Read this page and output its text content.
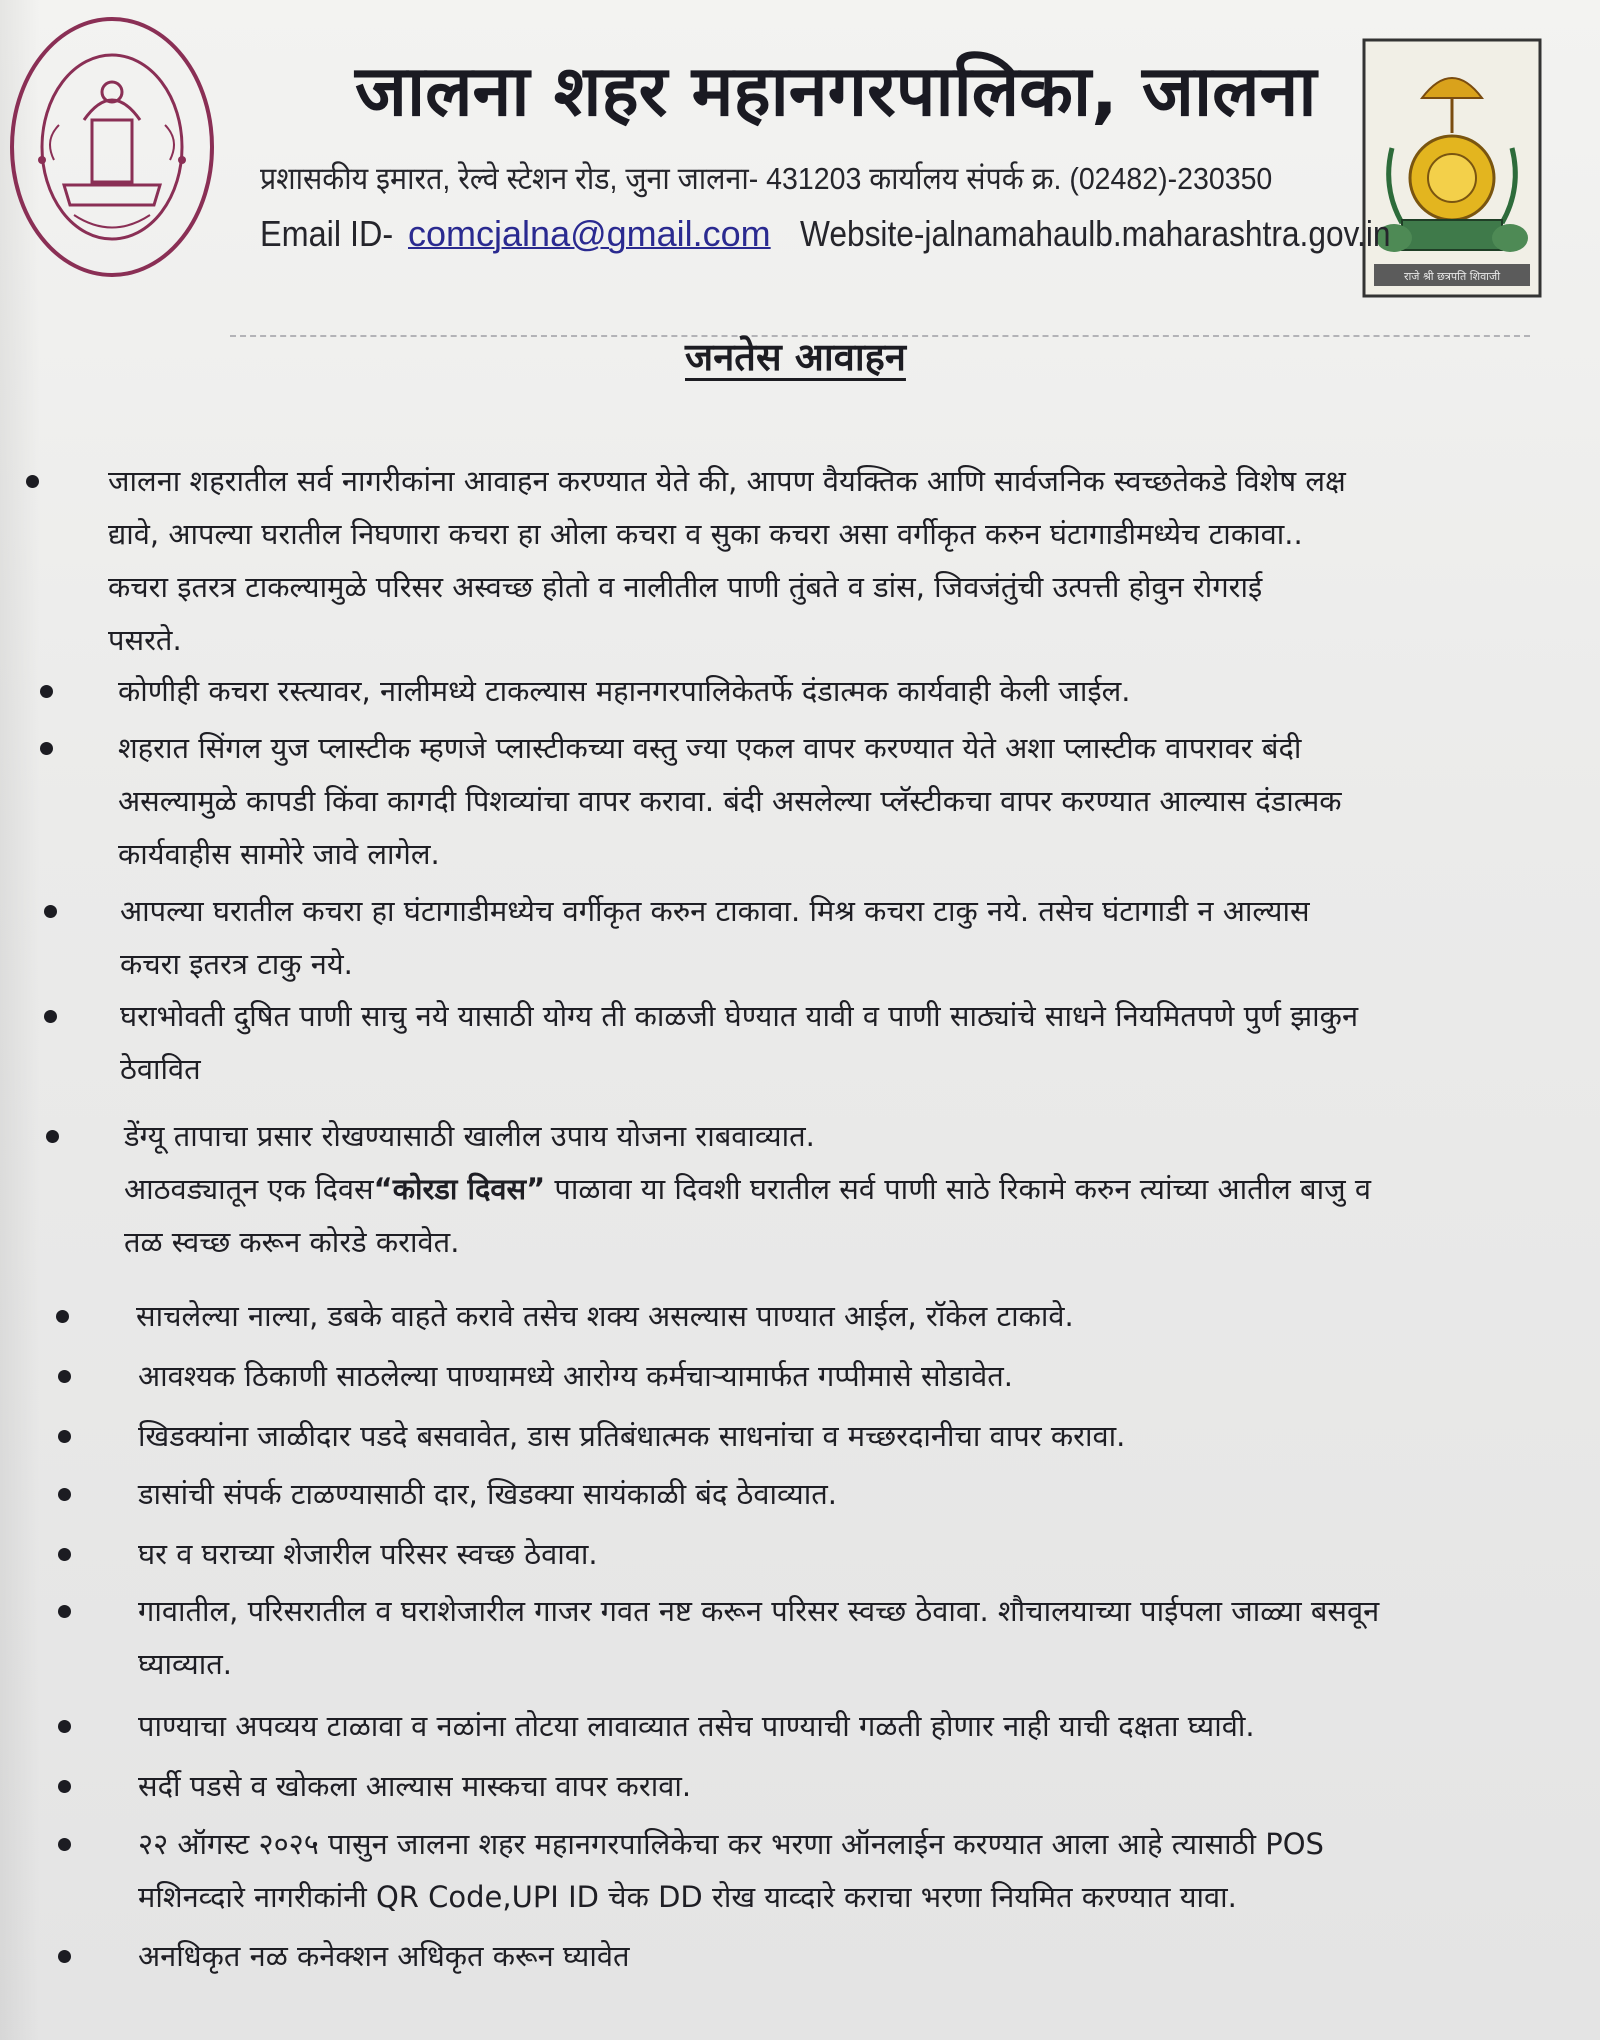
राजे श्री छत्रपति शिवाजी
जालना शहर महानगरपालिका, जालना
प्रशासकीय इमारत, रेल्वे स्टेशन रोड, जुना जालना- 431203 कार्यालय संपर्क क्र. (02482)-230350
Email ID-comcjalna@gmail.com Website-jalnamahaulb.maharashtra.gov.in
जनतेस आवाहन
जालना शहरातील सर्व नागरीकांना आवाहन करण्यात येते की, आपण वैयक्तिक आणि सार्वजनिक स्वच्छतेकडे विशेष लक्ष
द्यावे, आपल्या घरातील निघणारा कचरा हा ओला कचरा व सुका कचरा असा वर्गीकृत करुन घंटागाडीमध्येच टाकावा..
कचरा इतरत्र टाकल्यामुळे परिसर अस्वच्छ होतो व नालीतील पाणी तुंबते व डांस, जिवजंतुंची उत्पत्ती होवुन रोगराई
पसरते.
कोणीही कचरा रस्त्यावर, नालीमध्ये टाकल्यास महानगरपालिकेतर्फे दंडात्मक कार्यवाही केली जाईल.
शहरात सिंगल युज प्लास्टीक म्हणजे प्लास्टीकच्या वस्तु ज्या एकल वापर करण्यात येते अशा प्लास्टीक वापरावर बंदी
असल्यामुळे कापडी किंवा कागदी पिशव्यांचा वापर करावा. बंदी असलेल्या प्लॅस्टीकचा वापर करण्यात आल्यास दंडात्मक
कार्यवाहीस सामोरे जावे लागेल.
आपल्या घरातील कचरा हा घंटागाडीमध्येच वर्गीकृत करुन टाकावा. मिश्र कचरा टाकु नये. तसेच घंटागाडी न आल्यास
कचरा इतरत्र टाकु नये.
घराभोवती दुषित पाणी साचु नये यासाठी योग्य ती काळजी घेण्यात यावी व पाणी साठ्यांचे साधने नियमितपणे पुर्ण झाकुन
ठेवावित
डेंग्यू तापाचा प्रसार रोखण्यासाठी खालील उपाय योजना राबवाव्यात.
आठवड्यातून एक दिवस“कोरडा दिवस” पाळावा या दिवशी घरातील सर्व पाणी साठे रिकामे करुन त्यांच्या आतील बाजु व
तळ स्वच्छ करून कोरडे करावेत.
साचलेल्या नाल्या, डबके वाहते करावे तसेच शक्य असल्यास पाण्यात आईल, रॉकेल टाकावे.
आवश्यक ठिकाणी साठलेल्या पाण्यामध्ये आरोग्य कर्मचाऱ्यामार्फत गप्पीमासे सोडावेत.
खिडक्यांना जाळीदार पडदे बसवावेत, डास प्रतिबंधात्मक साधनांचा व मच्छरदानीचा वापर करावा.
डासांची संपर्क टाळण्यासाठी दार, खिडक्या सायंकाळी बंद ठेवाव्यात.
घर व घराच्या शेजारील परिसर स्वच्छ ठेवावा.
गावातील, परिसरातील व घराशेजारील गाजर गवत नष्ट करून परिसर स्वच्छ ठेवावा. शौचालयाच्या पाईपला जाळ्या बसवून
घ्याव्यात.
पाण्याचा अपव्यय टाळावा व नळांना तोटया लावाव्यात तसेच पाण्याची गळती होणार नाही याची दक्षता घ्यावी.
सर्दी पडसे व खोकला आल्यास मास्कचा वापर करावा.
२२ ऑगस्ट २०२५ पासुन जालना शहर महानगरपालिकेचा कर भरणा ऑनलाईन करण्यात आला आहे त्यासाठी POS
मशिनव्दारे नागरीकांनी QR Code,UPI ID चेक DD रोख याव्दारे कराचा भरणा नियमित करण्यात यावा.
अनधिकृत नळ कनेक्शन अधिकृत करून घ्यावेत
